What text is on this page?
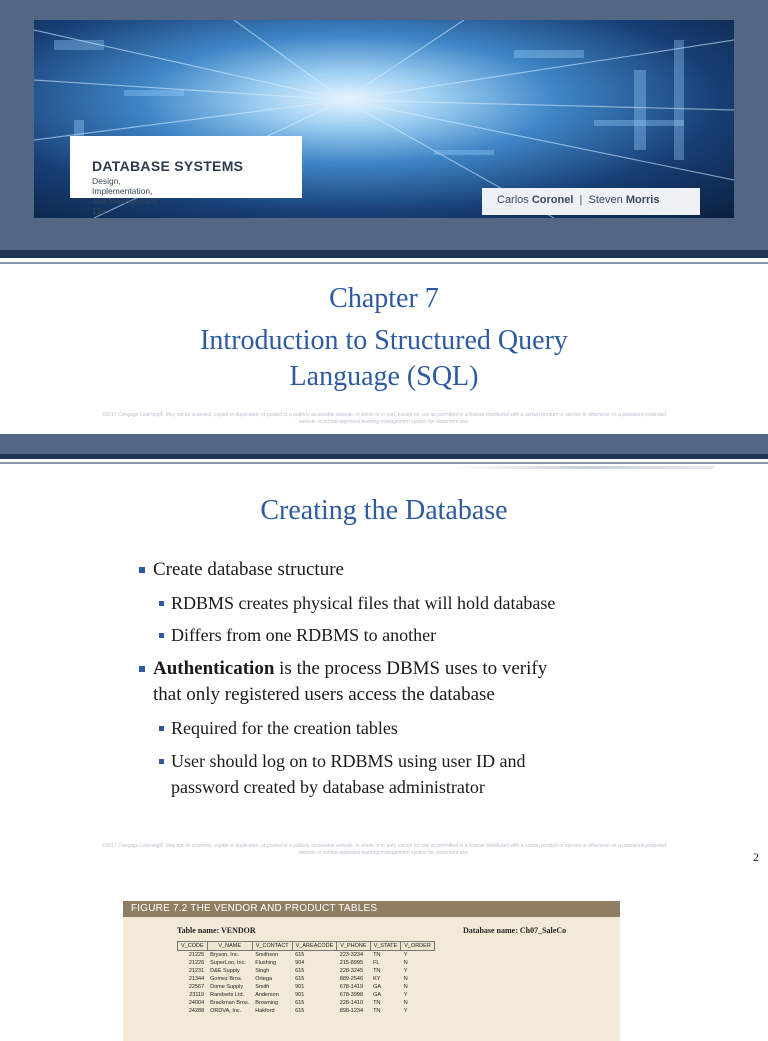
DATABASE SYSTEMS
Design,
Implementation,
and Management
12e
Carlos Coronel | Steven Morris
Chapter 7
Introduction to Structured Query
Language (SQL)
©2017 Cengage Learning®. May not be scanned, copied or duplicated, or posted to a publicly accessible website, in whole or in part, except for use as permitted in a license distributed with a certain product or service or otherwise on a password-protected
website or school-approved learning management system for classroom use.
Creating the Database
Create database structure
RDBMS creates physical files that will hold database
Differs from one RDBMS to another
Authentication is the process DBMS uses to verify
that only registered users access the database
Required for the creation tables
User should log on to RDBMS using user ID and
password created by database administrator
©2017 Cengage Learning®. May not be scanned, copied or duplicated, or posted to a publicly accessible website, in whole or in part, except for use as permitted in a license distributed with a certain product or service or otherwise on a password-protected
website or school-approved learning management system for classroom use.	2
FIGURE 7.2 THE VENDOR AND PRODUCT TABLES
Table name: VENDOR	Database name: Ch07_SaleCo
V_CODE	V_NAME	V_CONTACT	V_AREACODE	V_PHONE	V_STATE	V_ORDER
21225	Bryson, Inc.	Smithson	615	223-3234	TN	Y
21226	SuperLoo, Inc.	Flushing	904	215-8995	FL	N
21231	D&E Supply	Singh	615	228-3245	TN	Y
21344	Gomez Bros.	Ortega	615	889-2546	KY	N
22567	Dome Supply	Smith	901	678-1419	GA	N
23119	Randsets Ltd.	Anderson	901	678-3998	GA	Y
24004	Brackman Bros.	Browning	615	228-1410	TN	N
24288	ORDVA, Inc.	Hakford	615	898-1234	TN	Y
